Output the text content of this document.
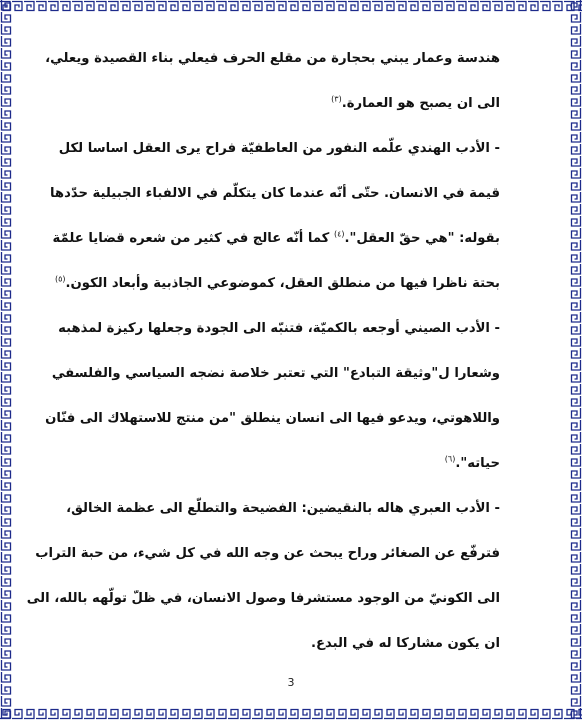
هندسة وعمار يبني بحجارة من مقلع الحرف فيعلي بناء القصيدة ويعلي،
الى ان يصبح هو العمارة.$^{(٣)}$
- الأدب الهندي علّمه النفور من العاطفيّة فراح يرى العقل اساسا لكل
قيمة في الانسان. حتّى أنّه عندما كان يتكلّم في الالفباء الجبيلية حدّدها
بقوله: "هي حقّ العقل".$^{(٤)}$ كما أنّه عالج في كثير من شعره قضايا علمّة
بحتة ناظرا فيها من منطلق العقل، كموضوعي الجاذبية وأبعاد الكون.$^{(٥)}$
- الأدب الصيني أوجعه بالكميّة، فتنبّه الى الجودة وجعلها ركيزة لمذهبه
وشعارا ل"وثيقة التبادع" التي تعتبر خلاصة نضجه السياسي والفلسفي
واللاهوتي، ويدعو فيها الى انسان ينطلق "من منتج للاستهلاك الى فنّان
حياته".$^{(٦)}$
- الأدب العبري هاله بالنقيضين: الفضيحة والتطلّع الى عظمة الخالق،
فترفّع عن الصغائر وراح يبحث عن وجه الله في كل شيء، من حبة التراب
الى الكونيّ من الوجود مستشرفا وصول الانسان، في ظلّ تولّهه بالله، الى
ان يكون مشاركا له في البدع.
3
